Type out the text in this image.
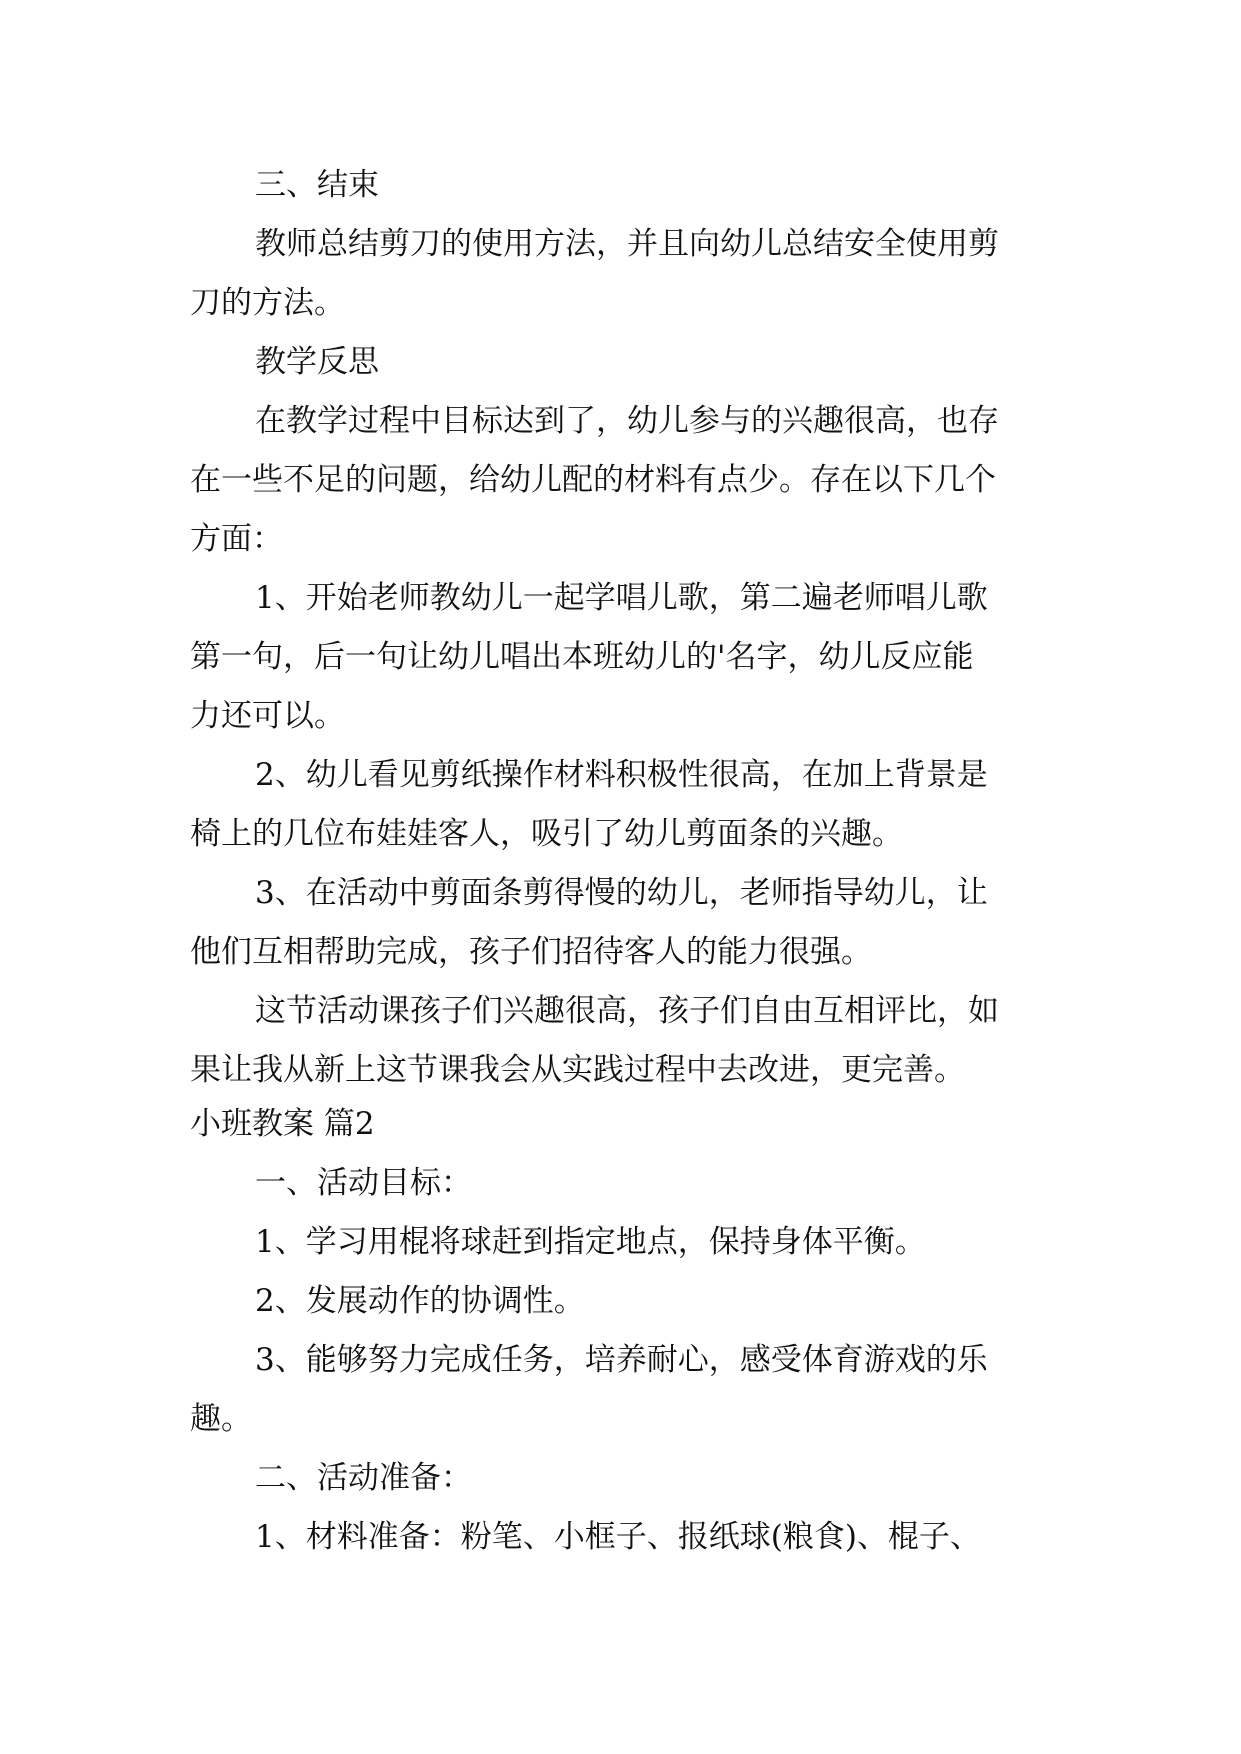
三、结束
教师总结剪刀的使用方法，并且向幼儿总结安全使用剪
刀的方法。
教学反思
在教学过程中目标达到了，幼儿参与的兴趣很高，也存
在一些不足的问题，给幼儿配的材料有点少。存在以下几个
方面：
1、开始老师教幼儿一起学唱儿歌，第二遍老师唱儿歌
第一句，后一句让幼儿唱出本班幼儿的'名字，幼儿反应能
力还可以。
2、幼儿看见剪纸操作材料积极性很高，在加上背景是
椅上的几位布娃娃客人，吸引了幼儿剪面条的兴趣。
3、在活动中剪面条剪得慢的幼儿，老师指导幼儿，让
他们互相帮助完成，孩子们招待客人的能力很强。
这节活动课孩子们兴趣很高，孩子们自由互相评比，如
果让我从新上这节课我会从实践过程中去改进，更完善。
小班教案 篇2
一、活动目标：
1、学习用棍将球赶到指定地点，保持身体平衡。
2、发展动作的协调性。
3、能够努力完成任务，培养耐心，感受体育游戏的乐
趣。
二、活动准备：
1、材料准备：粉笔、小框子、报纸球(粮食)、棍子、
